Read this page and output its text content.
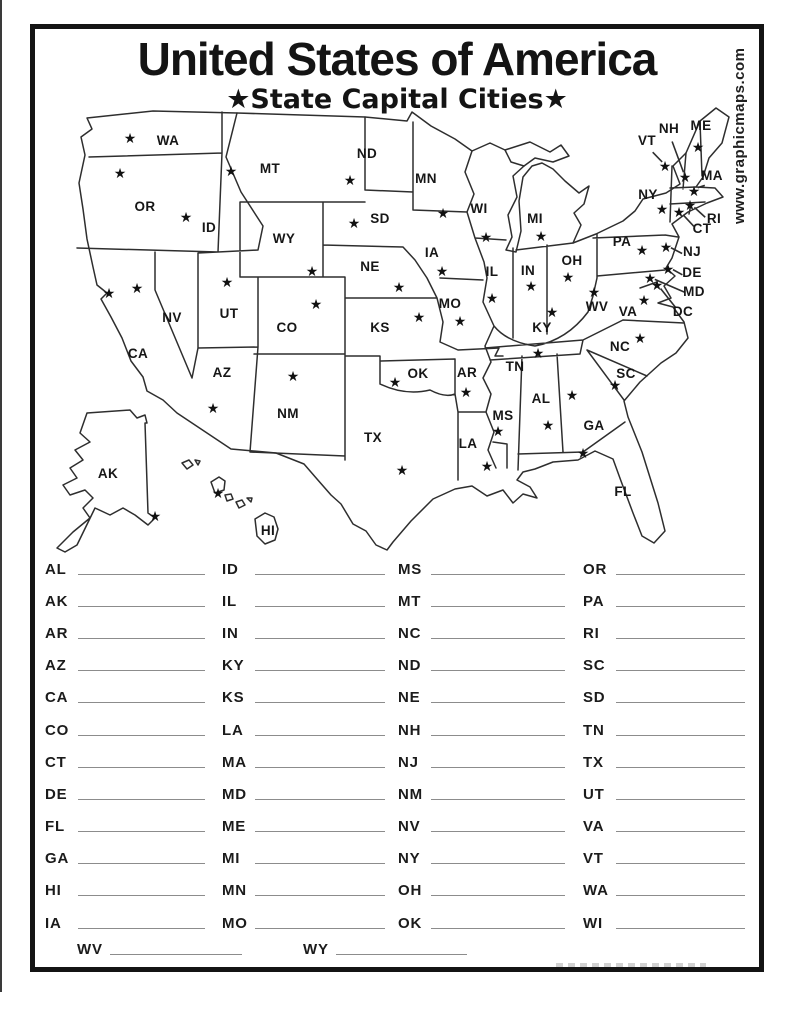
United States of America
★State Capital Cities★	www.graphicmaps.com
★ WA
★
OR
★
CA
★
NV
★
ID
★ MT
★
WY
★
UT
★
AZ
★
CO
★
NM
★
ND
★ SD
★
NE
★
KS
★
OK
★
TX
★
MN
★
IA
★
MO
★
AR
★
LA
★
WI
★
IL
★
MS
★
AL
★
TN
★
KY
★
IN ★
OH
★
MI
★
GA
★
SC
★
NC
★
VA
★
WV
★
PA
★
NY
★
FL
★
ME
★
NH
★
VT
★
MA
★
RI
★
CT
★ NJ
★ DE
★
MD
★
DC
★
AK
★
HI
AL
AK
AR
AZ
CA
CO
CT
DE
FL
GA
HI
IA
ID
IL
IN
KY
KS
LA
MA
MD
ME
MI
MN
MO
MS
MT
NC
ND
NE
NH
NJ
NM
NV
NY
OH
OK
OR
PA
RI
SC
SD
TN
TX
UT
VA
VT
WA
WI
WV	WY
